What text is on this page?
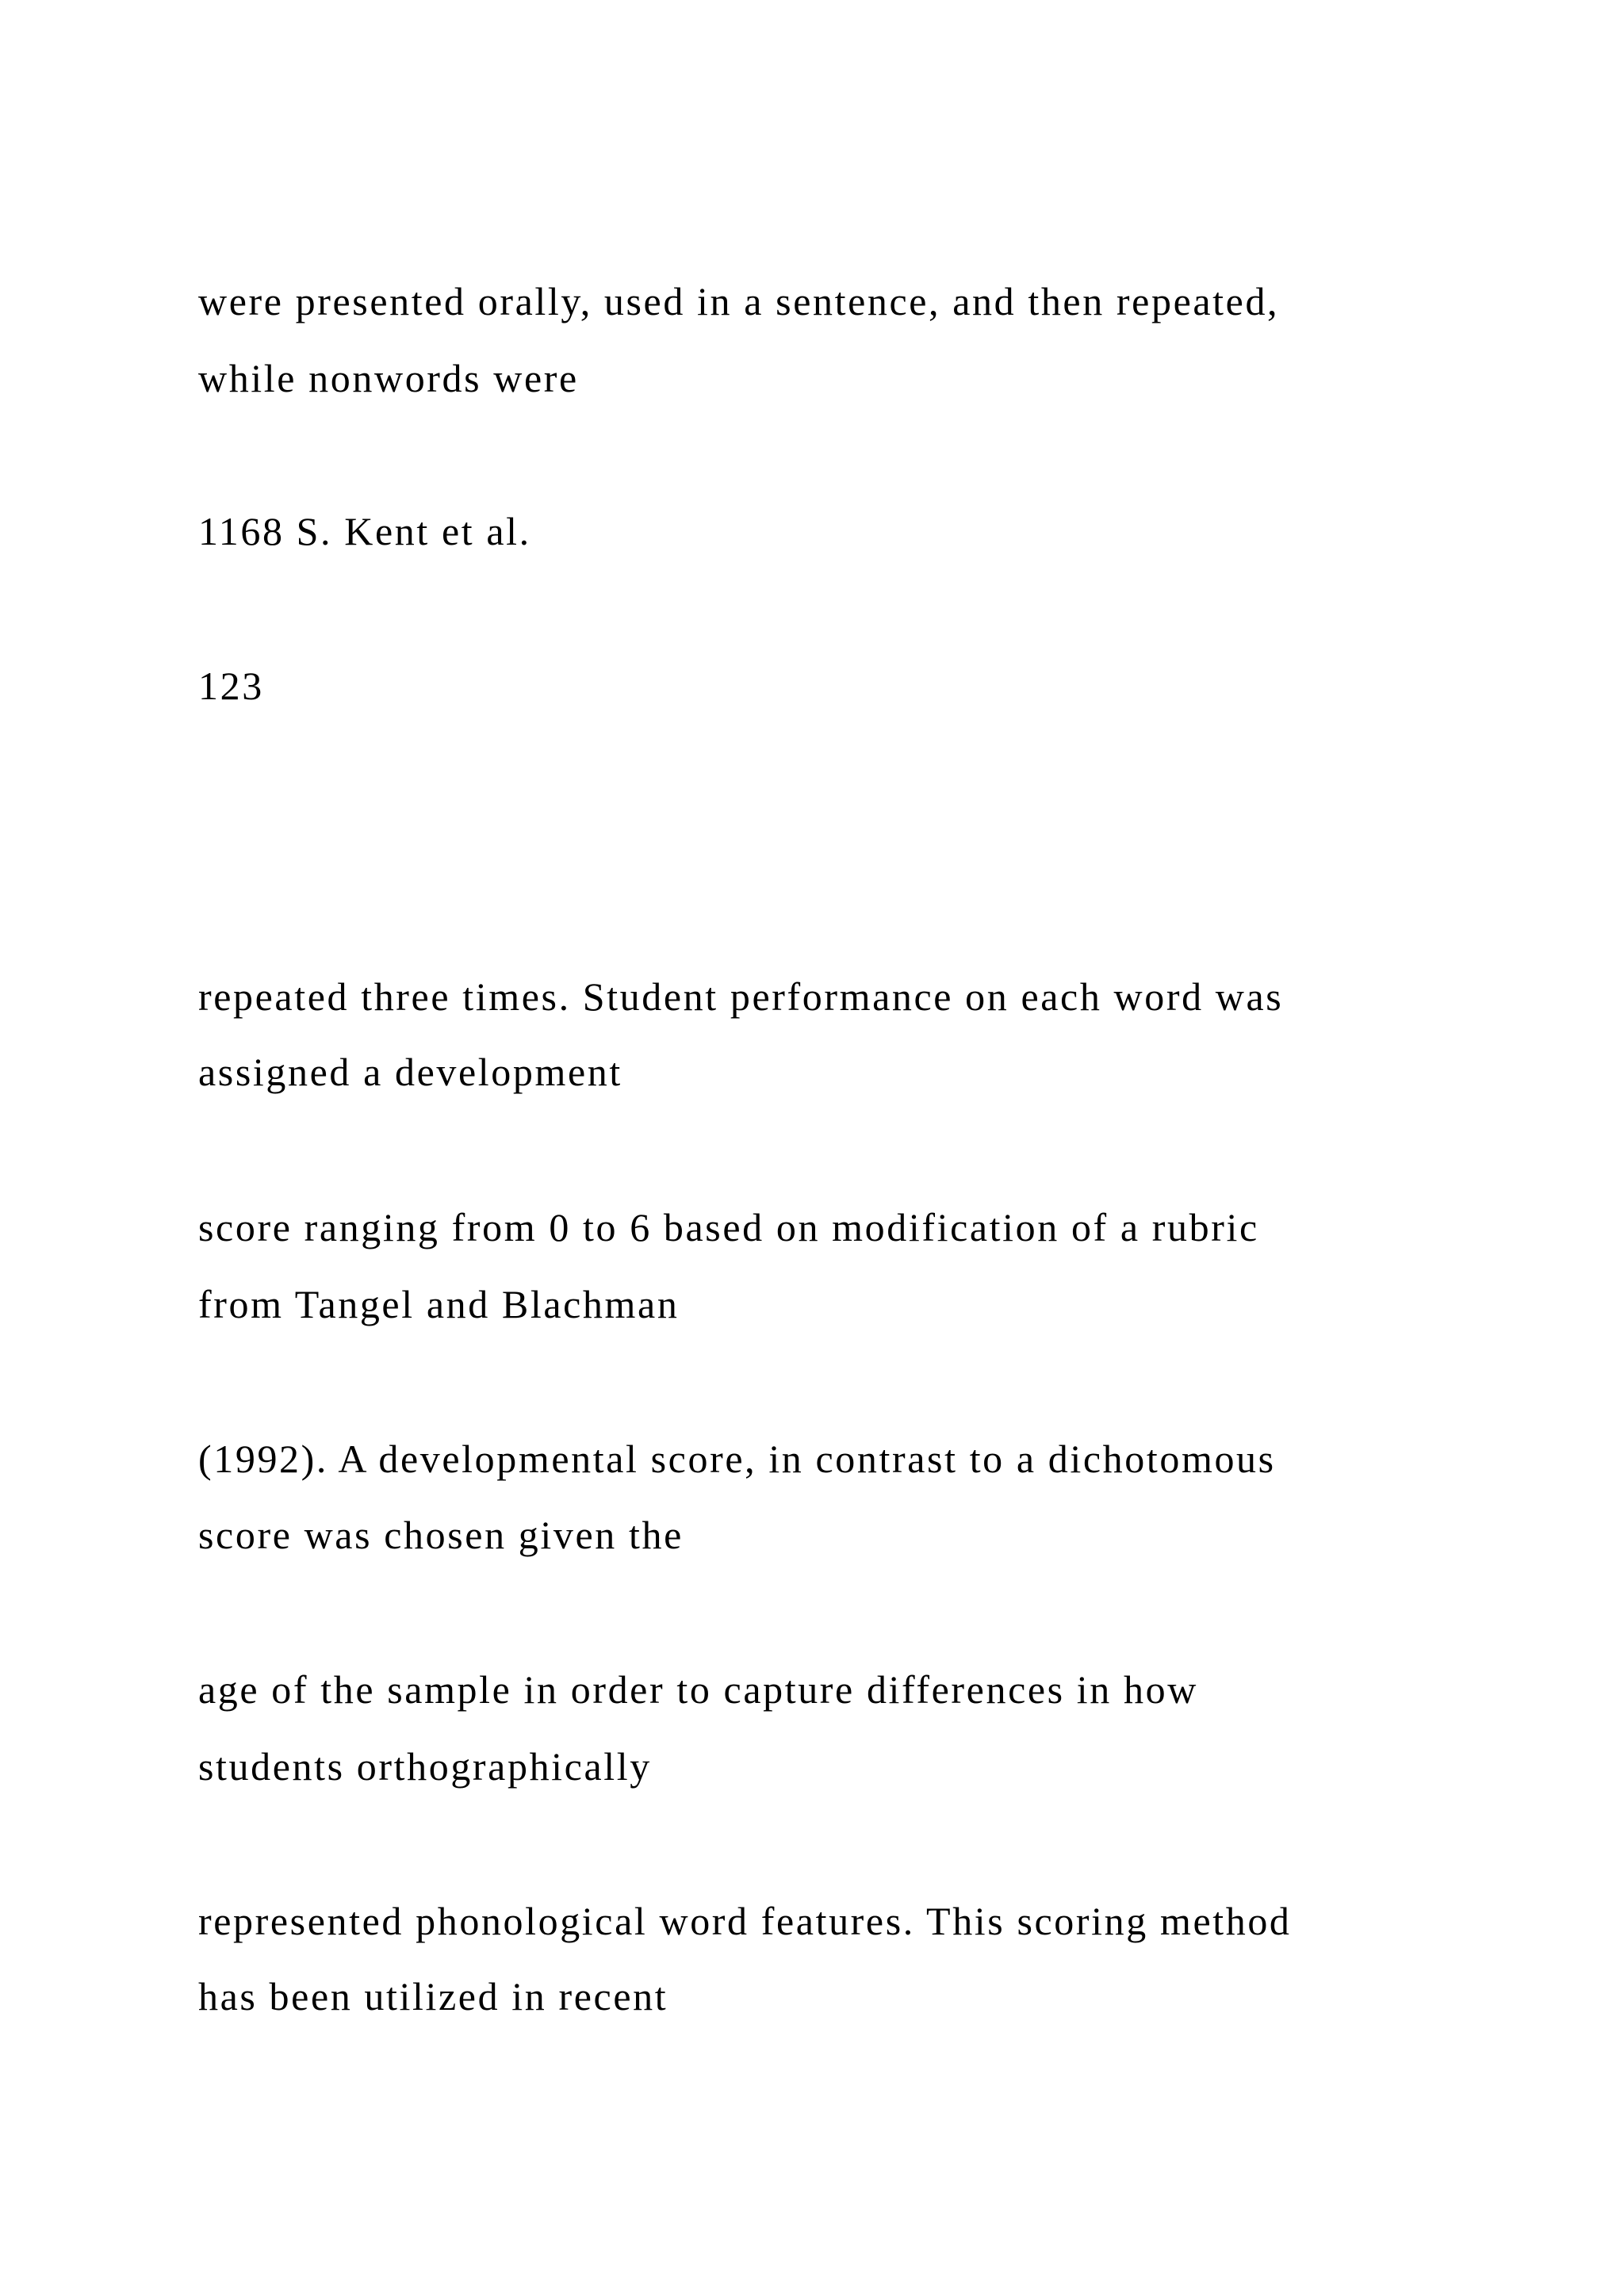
were presented orally, used in a sentence, and then repeated,

while nonwords were

1168 S. Kent et al.

123

repeated three times. Student performance on each word was

assigned a development

score ranging from 0 to 6 based on modification of a rubric

from Tangel and Blachman

(1992). A developmental score, in contrast to a dichotomous

score was chosen given the

age of the sample in order to capture differences in how

students orthographically

represented phonological word features. This scoring method

has been utilized in recent
